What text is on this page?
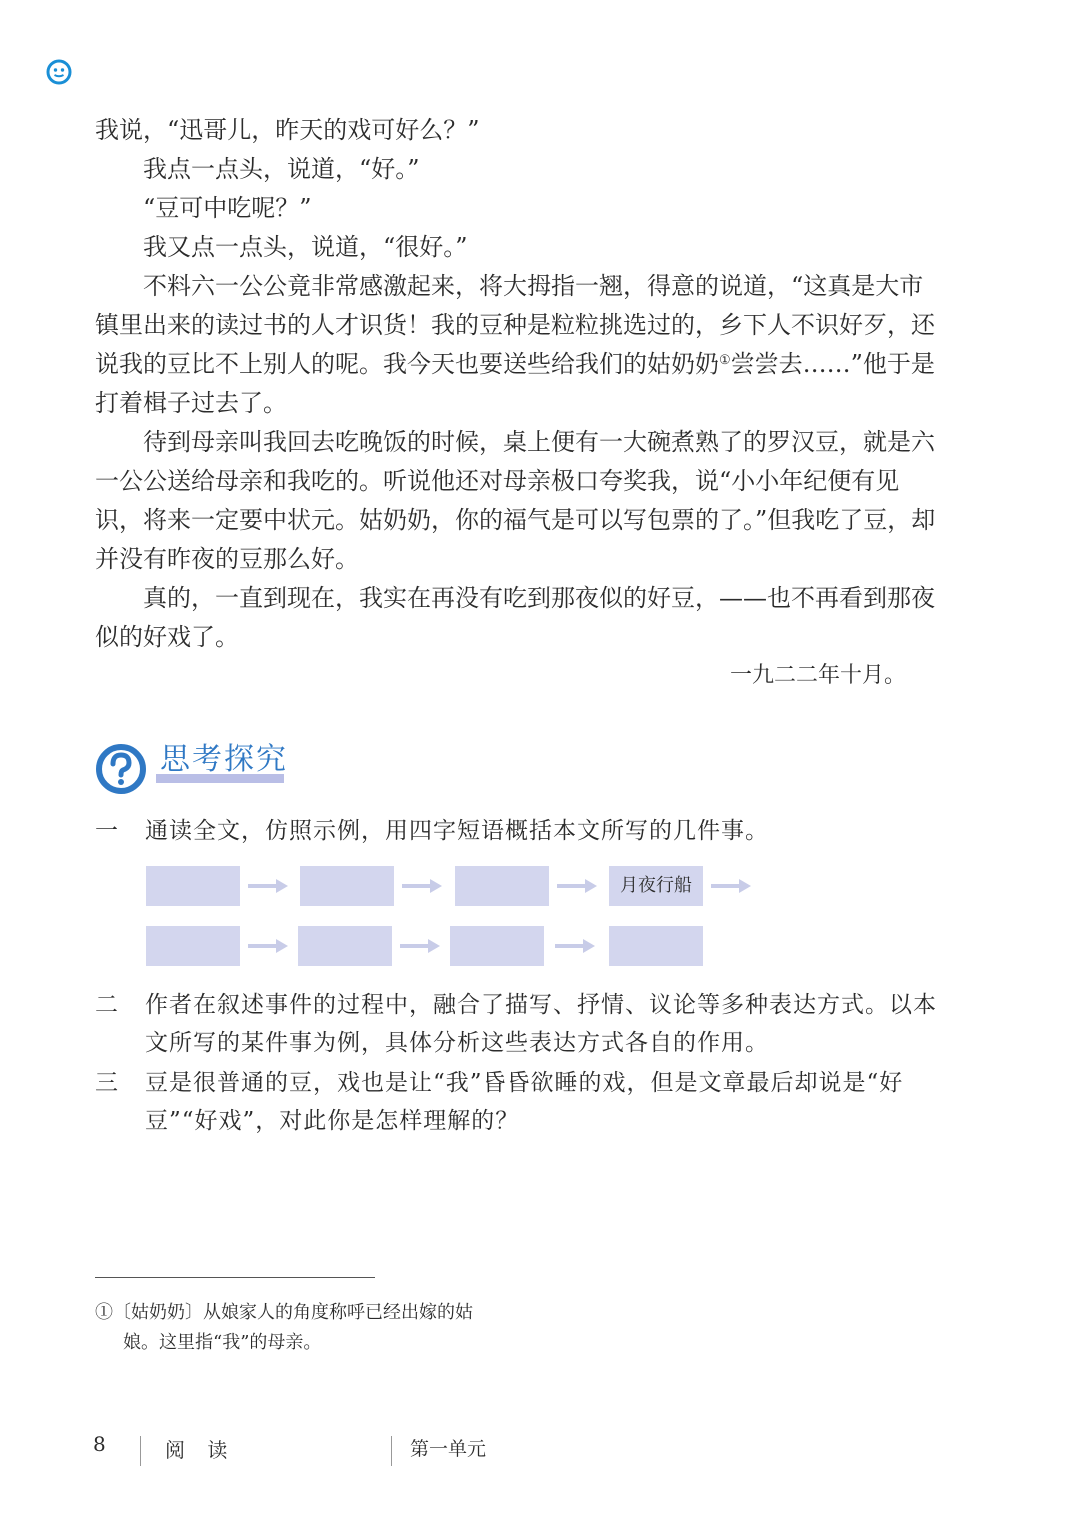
我说，“迅哥儿，昨天的戏可好么？”

我点一点头，说道，“好。”

“豆可中吃呢？”

我又点一点头，说道，“很好。”

不料六一公公竟非常感激起来，将大拇指一翘，得意的说道，“这真是大市镇里出来的读过书的人才识货！我的豆种是粒粒挑选过的，乡下人不识好歹，还说我的豆比不上别人的呢。我今天也要送些给我们的姑奶奶①尝尝去……”他于是打着楫子过去了。

待到母亲叫我回去吃晚饭的时候，桌上便有一大碗煮熟了的罗汉豆，就是六一公公送给母亲和我吃的。听说他还对母亲极口夸奖我，说“小小年纪便有见识，将来一定要中状元。姑奶奶，你的福气是可以写包票的了。”但我吃了豆，却并没有昨夜的豆那么好。

真的，一直到现在，我实在再没有吃到那夜似的好豆，——也不再看到那夜似的好戏了。

一九二二年十月。
思考探究
一 通读全文，仿照示例，用四字短语概括本文所写的几件事。
月夜行船
二 作者在叙述事件的过程中，融合了描写、抒情、议论等多种表达方式。以本文所写的某件事为例，具体分析这些表达方式各自的作用。
三 豆是很普通的豆，戏也是让“我”昏昏欲睡的戏，但是文章最后却说是“好豆”“好戏”，对此你是怎样理解的？
①〔姑奶奶〕从娘家人的角度称呼已经出嫁的姑
娘。这里指“我”的母亲。
8	阅 读	第一单元
